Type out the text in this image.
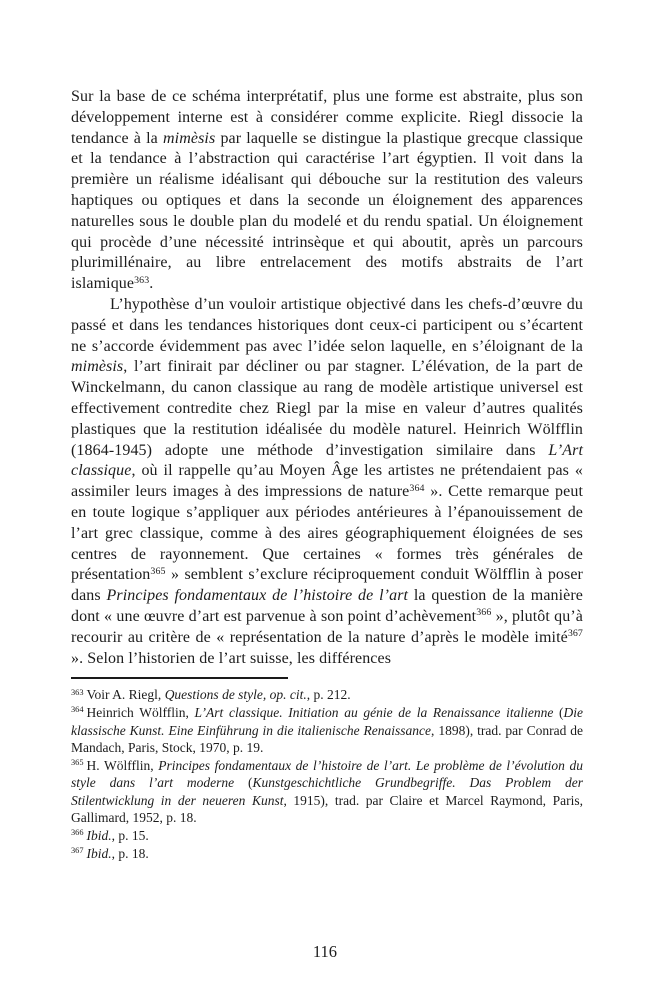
Sur la base de ce schéma interprétatif, plus une forme est abstraite, plus son développement interne est à considérer comme explicite. Riegl dissocie la tendance à la mimèsis par laquelle se distingue la plastique grecque classique et la tendance à l’abstraction qui caractérise l’art égyptien. Il voit dans la première un réalisme idéalisant qui débouche sur la restitution des valeurs haptiques ou optiques et dans la seconde un éloignement des apparences naturelles sous le double plan du modelé et du rendu spatial. Un éloignement qui procède d’une nécessité intrinsèque et qui aboutit, après un parcours plurimillénaire, au libre entrelacement des motifs abstraits de l’art islamique$^{363}$.

L’hypothèse d’un vouloir artistique objectivé dans les chefs-d’œuvre du passé et dans les tendances historiques dont ceux-ci participent ou s’écartent ne s’accorde évidemment pas avec l’idée selon laquelle, en s’éloignant de la mimèsis, l’art finirait par décliner ou par stagner. L’élévation, de la part de Winckelmann, du canon classique au rang de modèle artistique universel est effectivement contredite chez Riegl par la mise en valeur d’autres qualités plastiques que la restitution idéalisée du modèle naturel. Heinrich Wölfflin (1864-1945) adopte une méthode d’investigation similaire dans L’Art classique, où il rappelle qu’au Moyen Âge les artistes ne prétendaient pas « assimiler leurs images à des impressions de nature$^{364}$ ». Cette remarque peut en toute logique s’appliquer aux périodes antérieures à l’épanouissement de l’art grec classique, comme à des aires géographiquement éloignées de ses centres de rayonnement. Que certaines « formes très générales de présentation$^{365}$ » semblent s’exclure réciproquement conduit Wölfflin à poser dans Principes fondamentaux de l’histoire de l’art la question de la manière dont « une œuvre d’art est parvenue à son point d’achèvement$^{366}$ », plutôt qu’à recourir au critère de « représentation de la nature d’après le modèle imité$^{367}$ ». Selon l’historien de l’art suisse, les différences

$^{363}$ Voir A. Riegl, Questions de style, op. cit., p. 212.

$^{364}$ Heinrich Wölfflin, L’Art classique. Initiation au génie de la Renaissance italienne (Die klassische Kunst. Eine Einführung in die italienische Renaissance, 1898), trad. par Conrad de Mandach, Paris, Stock, 1970, p. 19.

$^{365}$ H. Wölfflin, Principes fondamentaux de l’histoire de l’art. Le problème de l’évolution du style dans l’art moderne (Kunstgeschichtliche Grundbegriffe. Das Problem der Stilentwicklung in der neueren Kunst, 1915), trad. par Claire et Marcel Raymond, Paris, Gallimard, 1952, p. 18.

$^{366}$ Ibid., p. 15.

$^{367}$ Ibid., p. 18.

116
